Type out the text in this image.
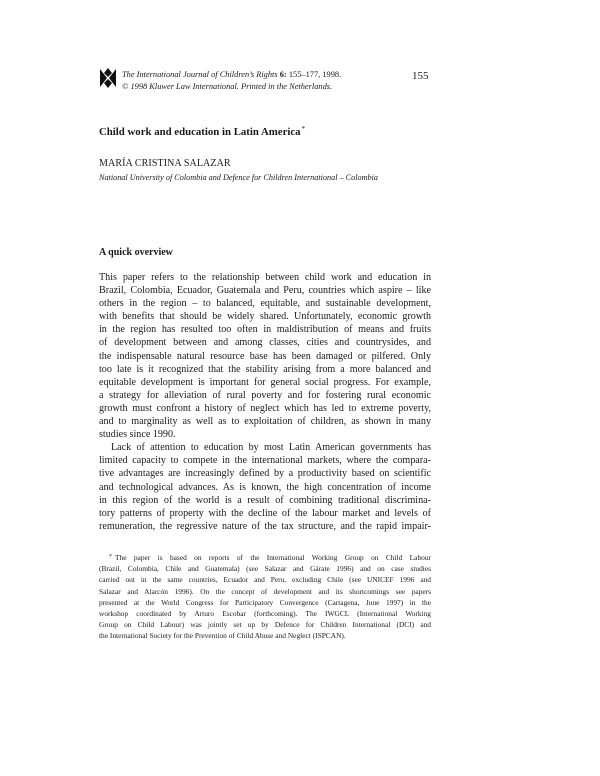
The International Journal of Children’s Rights 6: 155–177, 1998.
© 1998 Kluwer Law International. Printed in the Netherlands.
155
Child work and education in Latin America*
MARÍA CRISTINA SALAZAR
National University of Colombia and Defence for Children International – Colombia
A quick overview
This paper refers to the relationship between child work and education in
Brazil, Colombia, Ecuador, Guatemala and Peru, countries which aspire – like
others in the region – to balanced, equitable, and sustainable development,
with benefits that should be widely shared. Unfortunately, economic growth
in the region has resulted too often in maldistribution of means and fruits
of development between and among classes, cities and countrysides, and
the indispensable natural resource base has been damaged or pilfered. Only
too late is it recognized that the stability arising from a more balanced and
equitable development is important for general social progress. For example,
a strategy for alleviation of rural poverty and for fostering rural economic
growth must confront a history of neglect which has led to extreme poverty,
and to marginality as well as to exploitation of children, as shown in many
studies since 1990.
Lack of attention to education by most Latin American governments has
limited capacity to compete in the international markets, where the compara-
tive advantages are increasingly defined by a productivity based on scientific
and technological advances. As is known, the high concentration of income
in this region of the world is a result of combining traditional discrimina-
tory patterns of property with the decline of the labour market and levels of
remuneration, the regressive nature of the tax structure, and the rapid impair-
* The paper is based on reports of the International Working Group on Child Labour
(Brazil, Colombia, Chile and Guatemala) (see Salazar and Gárate 1996) and on case studies
carried out in the same countries, Ecuador and Peru, excluding Chile (see UNICEF 1996 and
Salazar and Alarcón 1996). On the concept of development and its shortcomings see papers
presented at the World Congress for Participatory Convergence (Cartagena, June 1997) in the
workshop coordinated by Arturo Escobar (forthcoming). The IWGCL (International Working
Group on Child Labour) was jointly set up by Defence for Children International (DCI) and
the International Society for the Prevention of Child Abuse and Neglect (ISPCAN).
